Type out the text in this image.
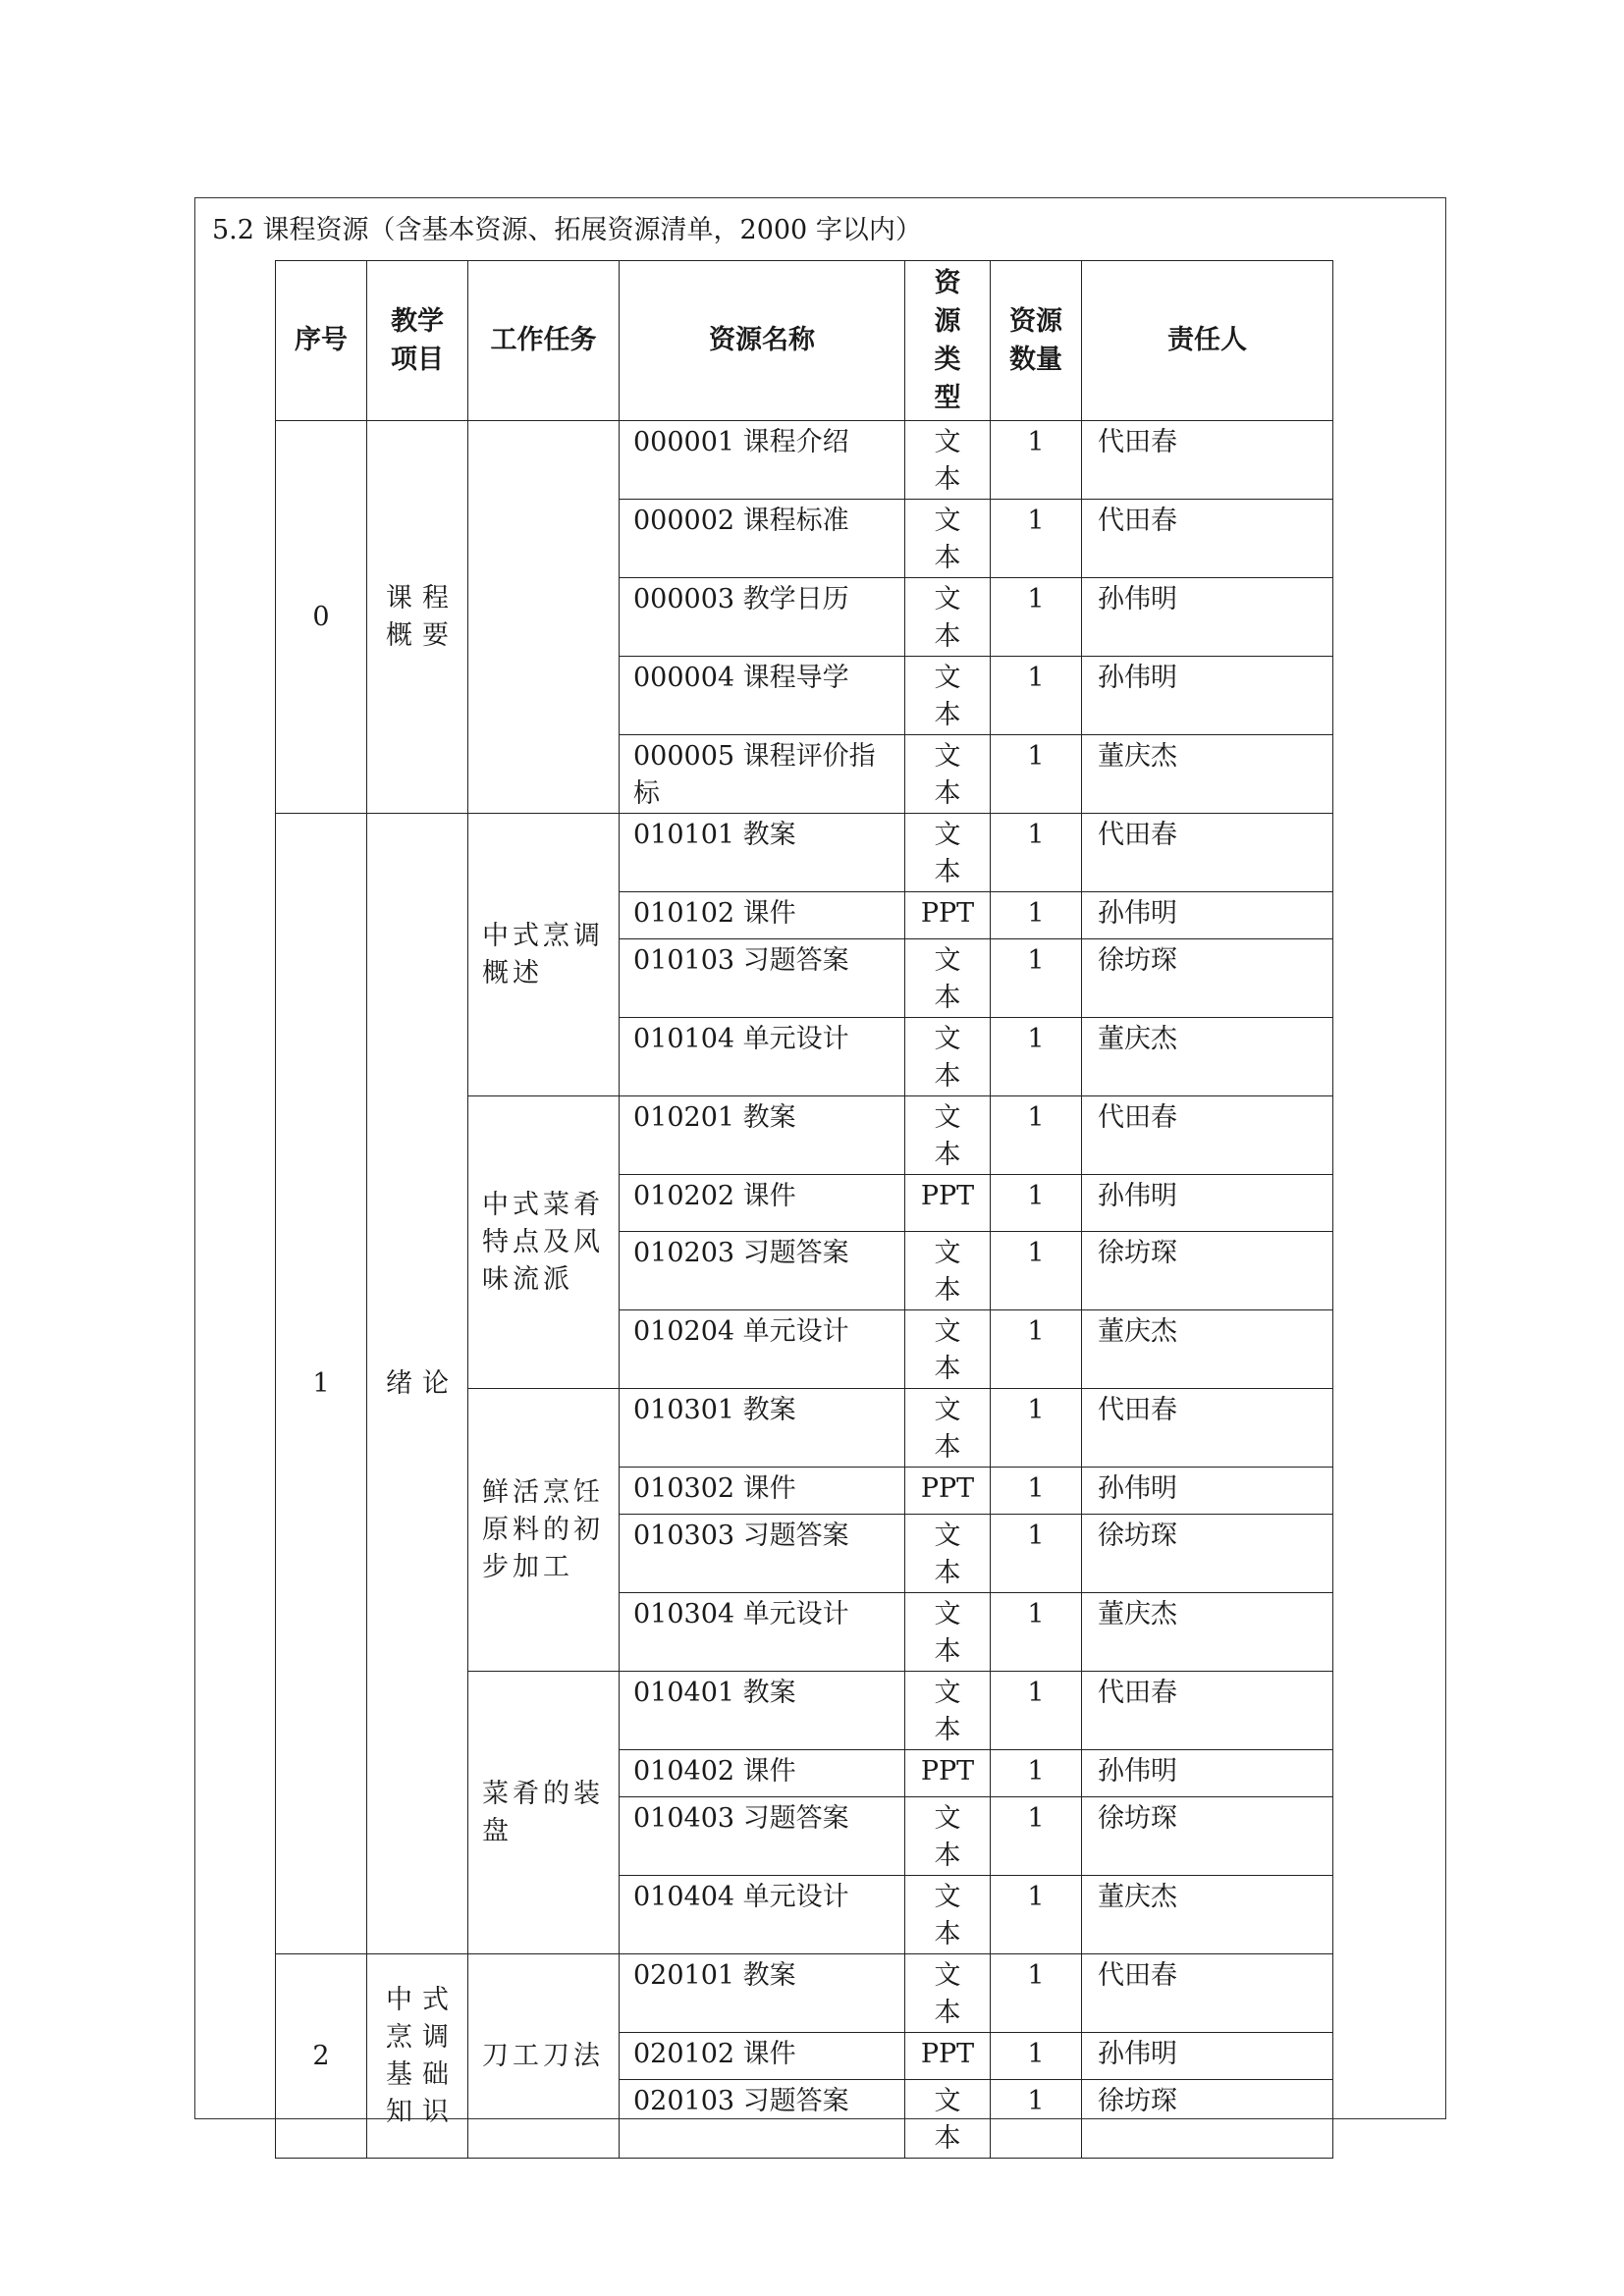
5.2 课程资源（含基本资源、拓展资源清单，2000 字以内）
序号	教学项目	工作任务	资源名称	资源类型	资源数量	责任人
0	课程概要		000001 课程介绍	文本	1	代田春
			000002 课程标准	文本	1	代田春
			000003 教学日历	文本	1	孙伟明
			000004 课程导学	文本	1	孙伟明
			000005 课程评价指标	文本	1	董庆杰
1	绪论	中式烹调概述	010101 教案	文本	1	代田春
			010102 课件	PPT	1	孙伟明
			010103 习题答案	文本	1	徐坊琛
			010104 单元设计	文本	1	董庆杰
		中式菜肴特点及风味流派	010201 教案	文本	1	代田春
			010202 课件	PPT	1	孙伟明
			010203 习题答案	文本	1	徐坊琛
			010204 单元设计	文本	1	董庆杰
		鲜活烹饪原料的初步加工	010301 教案	文本	1	代田春
			010302 课件	PPT	1	孙伟明
			010303 习题答案	文本	1	徐坊琛
			010304 单元设计	文本	1	董庆杰
		菜肴的装盘	010401 教案	文本	1	代田春
			010402 课件	PPT	1	孙伟明
			010403 习题答案	文本	1	徐坊琛
			010404 单元设计	文本	1	董庆杰
2	中式烹调基础知识	刀工刀法	020101 教案	文本	1	代田春
			020102 课件	PPT	1	孙伟明
			020103 习题答案	文本	1	徐坊琛
